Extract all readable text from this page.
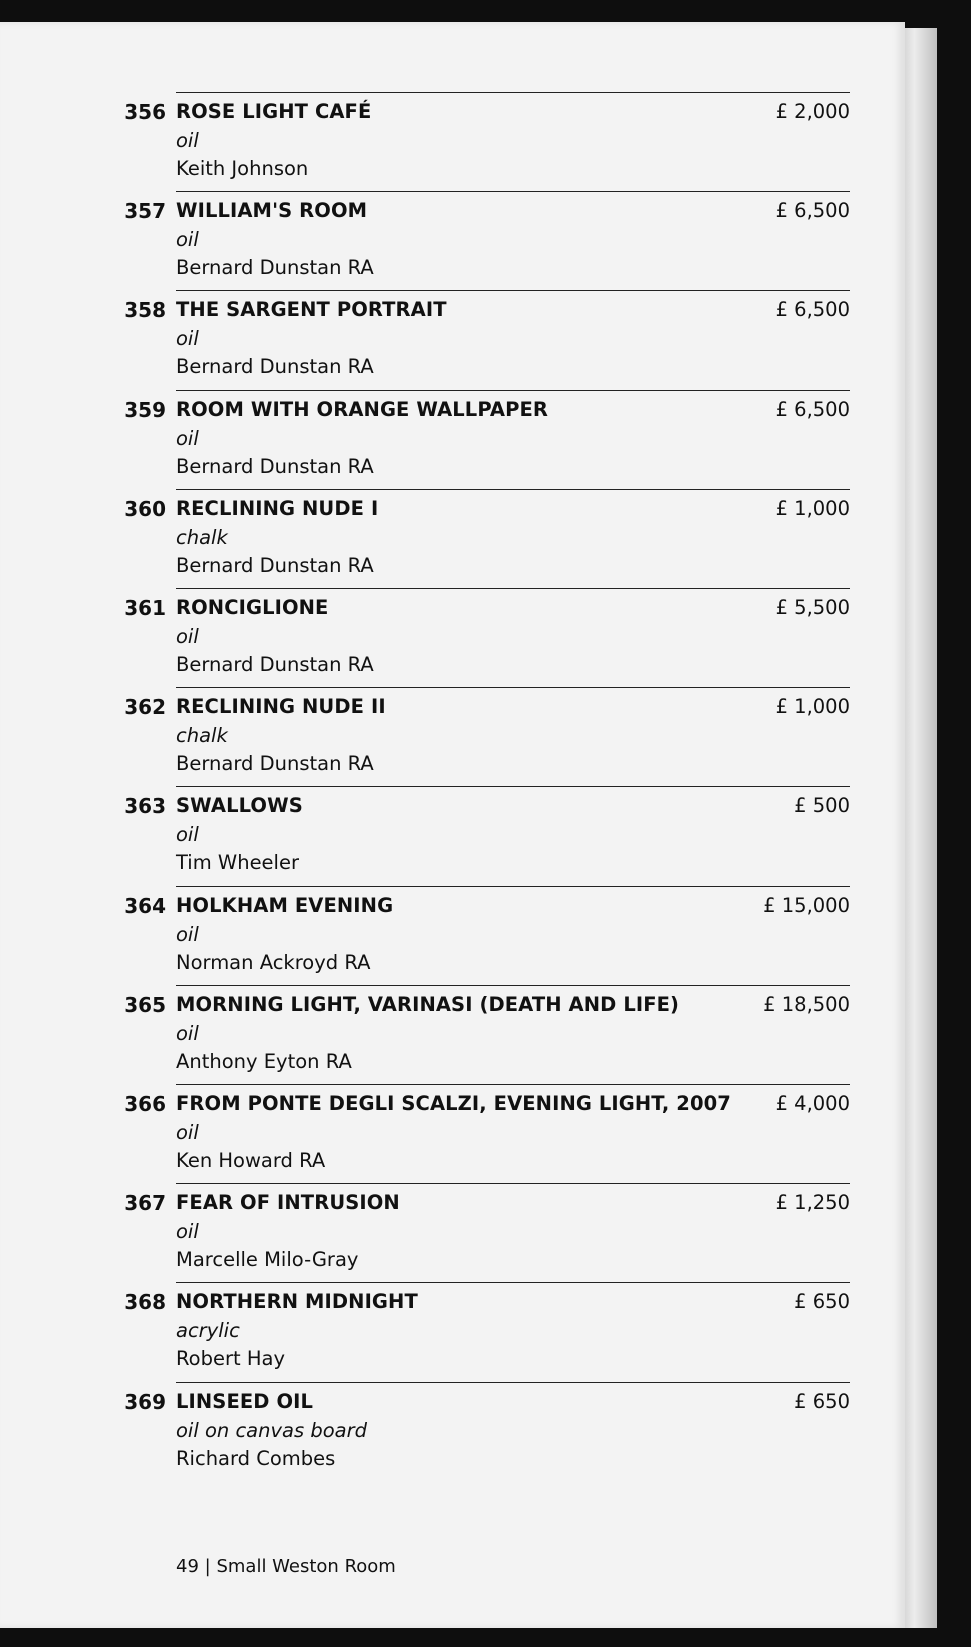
356 ROSE LIGHT CAFÉ	£ 2,000
oil
Keith Johnson
357 WILLIAM'S ROOM	£ 6,500
oil
Bernard Dunstan RA
358 THE SARGENT PORTRAIT	£ 6,500
oil
Bernard Dunstan RA
359 ROOM WITH ORANGE WALLPAPER	£ 6,500
oil
Bernard Dunstan RA
360 RECLINING NUDE I	£ 1,000
chalk
Bernard Dunstan RA
361 RONCIGLIONE	£ 5,500
oil
Bernard Dunstan RA
362 RECLINING NUDE II	£ 1,000
chalk
Bernard Dunstan RA
363 SWALLOWS	£ 500
oil
Tim Wheeler
364 HOLKHAM EVENING	£ 15,000
oil
Norman Ackroyd RA
365 MORNING LIGHT, VARINASI (DEATH AND LIFE)	£ 18,500
oil
Anthony Eyton RA
366 FROM PONTE DEGLI SCALZI, EVENING LIGHT, 2007	£ 4,000
oil
Ken Howard RA
367 FEAR OF INTRUSION	£ 1,250
oil
Marcelle Milo-Gray
368 NORTHERN MIDNIGHT	£ 650
acrylic
Robert Hay
369 LINSEED OIL	£ 650
oil on canvas board
Richard Combes
49 | Small Weston Room
